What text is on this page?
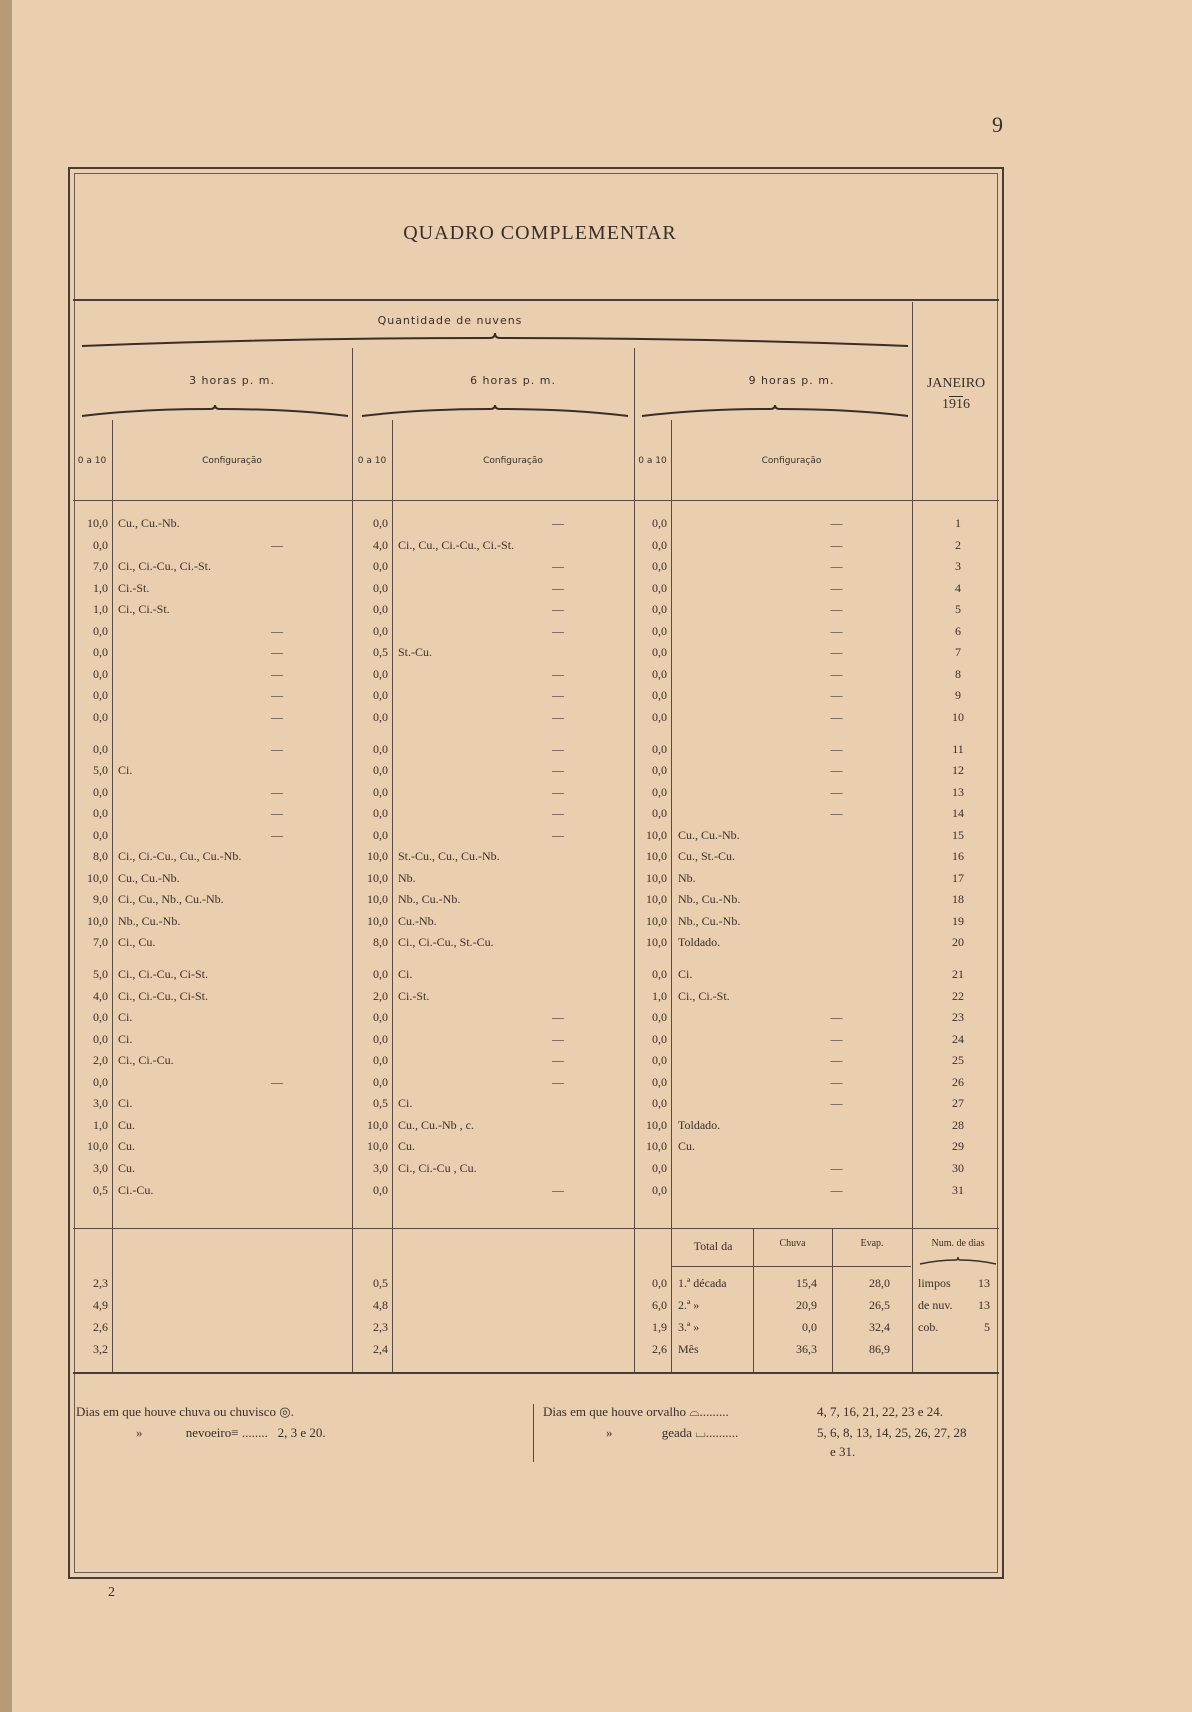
9
QUADRO COMPLEMENTAR
Quantidade de nuvens
3 horas p. m.	6 horas p. m.	9 horas p. m.
0 a 10	Configuração	0 a 10	Configuração	0 a 10	Configuração
JANEIRO
1916
10,0 Cu., Cu.-Nb.	0,0	—	0,0	—	1
0,0	—	4,0 Ci., Cu., Ci.-Cu., Ci.-St.	0,0	—	2
7,0 Ci., Ci.-Cu., Ci.-St.	0,0	—	0,0	—	3
1,0 Ci.-St.	0,0	—	0,0	—	4
1,0 Ci., Ci.-St.	0,0	—	0,0	—	5
0,0	—	0,0	—	0,0	—	6
0,0	—	0,5 St.-Cu.	0,0	—	7
0,0	—	0,0	—	0,0	—	8
0,0	—	0,0	—	0,0	—	9
0,0	—	0,0	—	0,0	—	10
0,0	—	0,0	—	0,0	—	11
5,0 Ci.	0,0	—	0,0	—	12
0,0	—	0,0	—	0,0	—	13
0,0	—	0,0	—	0,0	—	14
0,0	—	0,0	—	10,0 Cu., Cu.-Nb.	15
8,0 Ci., Ci.-Cu., Cu., Cu.-Nb.	10,0 St.-Cu., Cu., Cu.-Nb.	10,0 Cu., St.-Cu.	16
10,0 Cu., Cu.-Nb.	10,0 Nb.	10,0 Nb.	17
9,0 Ci., Cu., Nb., Cu.-Nb.	10,0 Nb., Cu.-Nb.	10,0 Nb., Cu.-Nb.	18
10,0 Nb., Cu.-Nb.	10,0 Cu.-Nb.	10,0 Nb., Cu.-Nb.	19
7,0 Ci., Cu.	8,0 Ci., Ci.-Cu., St.-Cu.	10,0 Toldado.	20
5,0 Ci., Ci.-Cu., Ci-St.	0,0 Ci.	0,0 Ci.	21
4,0 Ci., Ci.-Cu., Ci-St.	2,0 Ci.-St.	1,0 Ci., Ci.-St.	22
0,0 Ci.	0,0	—	0,0	—	23
0,0 Ci.	0,0	—	0,0	—	24
2,0 Ci., Ci.-Cu.	0,0	—	0,0	—	25
0,0	—	0,0	—	0,0	—	26
3,0 Ci.	0,5 Ci.	0,0	—	27
1,0 Cu.	10,0 Cu., Cu.-Nb , c.	10,0 Toldado.	28
10,0 Cu.	10,0 Cu.	10,0 Cu.	29
3,0 Cu.	3,0 Ci., Ci.-Cu , Cu.	0,0	—	30
0,5 Ci.-Cu.	0,0	—	0,0	—	31
Total da	Chuva	Evap.	Num. de dias
2,3	0,5	0,0 1.ª década	15,4	28,0 limpos	13
4,9	4,8	6,0 2.ª »	20,9	26,5 de nuv.	13
2,6	2,3	1,9 3.ª »	0,0	32,4 cob.	5
3,2	2,4	2,6 Mês	36,3	86,9
Dias em que houve chuva ou chuvisco ◎.
»	nevoeiro≡ ........   2, 3 e 20.
Dias em que houve orvalho ⌓.........	4, 7, 16, 21, 22, 23 e 24.
»	geada ⌴..........	5, 6, 8, 13, 14, 25, 26, 27, 28
e 31.
2
